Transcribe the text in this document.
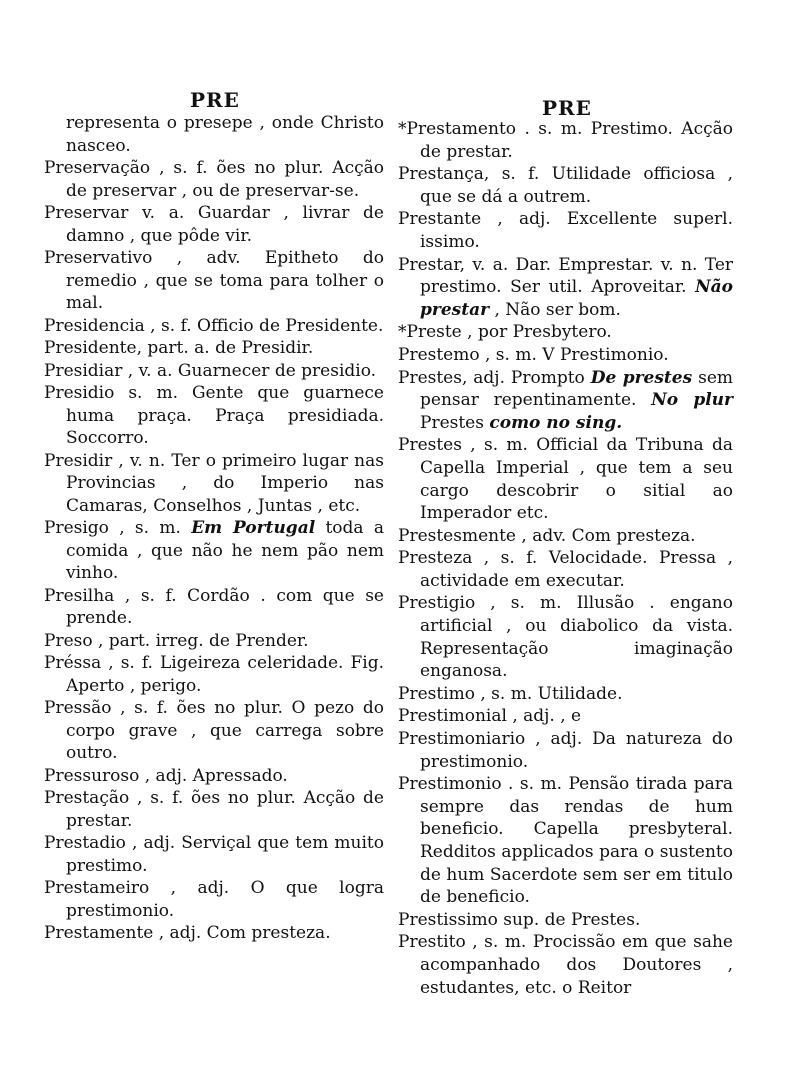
PRE	PRE

representa o presepe , onde Christo nasceo.

Preservação , s. f. ões no plur. Acção de preservar , ou de preservar-se.

Preservar v. a. Guardar , livrar de damno , que pôde vir.

Preservativo , adv. Epitheto do remedio , que se toma para tolher o mal.

Presidencia , s. f. Officio de Presidente.

Presidente, part. a. de Presidir.

Presidiar , v. a. Guarnecer de presidio.

Presidio s. m. Gente que guarnece huma praça. Praça presidiada. Soccorro.

Presidir , v. n. Ter o primeiro lugar nas Provincias , do Imperio nas Camaras, Conselhos , Juntas , etc.

Presigo , s. m. Em Portugal toda a comida , que não he nem pão nem vinho.

Presilha , s. f. Cordão . com que se prende.

Preso , part. irreg. de Prender.

Préssa , s. f. Ligeireza celeridade. Fig. Aperto , perigo.

Pressão , s. f. ões no plur. O pezo do corpo grave , que carrega sobre outro.

Pressuroso , adj. Apressado.

Prestação , s. f. ões no plur. Acção de prestar.

Prestadio , adj. Serviçal que tem muito prestimo.

Prestameiro , adj. O que logra prestimonio.

Prestamente , adj. Com presteza.

*Prestamento . s. m. Prestimo. Acção de prestar.

Prestança, s. f. Utilidade officiosa , que se dá a outrem.

Prestante , adj. Excellente superl. issimo.

Prestar, v. a. Dar. Emprestar. v. n. Ter prestimo. Ser util. Aproveitar. Não prestar , Não ser bom.

*Preste , por Presbytero.

Prestemo , s. m. V Prestimonio.

Prestes, adj. Prompto De prestes sem pensar repentinamente. No plur Prestes como no sing.

Prestes , s. m. Official da Tribuna da Capella Imperial , que tem a seu cargo descobrir o sitial ao Imperador etc.

Prestesmente , adv. Com presteza.

Presteza , s. f. Velocidade. Pressa , actividade em executar.

Prestigio , s. m. Illusão . engano artificial , ou diabolico da vista. Representação imaginação enganosa.

Prestimo , s. m. Utilidade.

Prestimonial , adj. , e

Prestimoniario , adj. Da natureza do prestimonio.

Prestimonio . s. m. Pensão tirada para sempre das rendas de hum beneficio. Capella presbyteral. Redditos applicados para o sustento de hum Sacerdote sem ser em titulo de beneficio.

Prestissimo sup. de Prestes.

Prestito , s. m. Procissão em que sahe acompanhado dos Doutores , estudantes, etc. o Reitor
